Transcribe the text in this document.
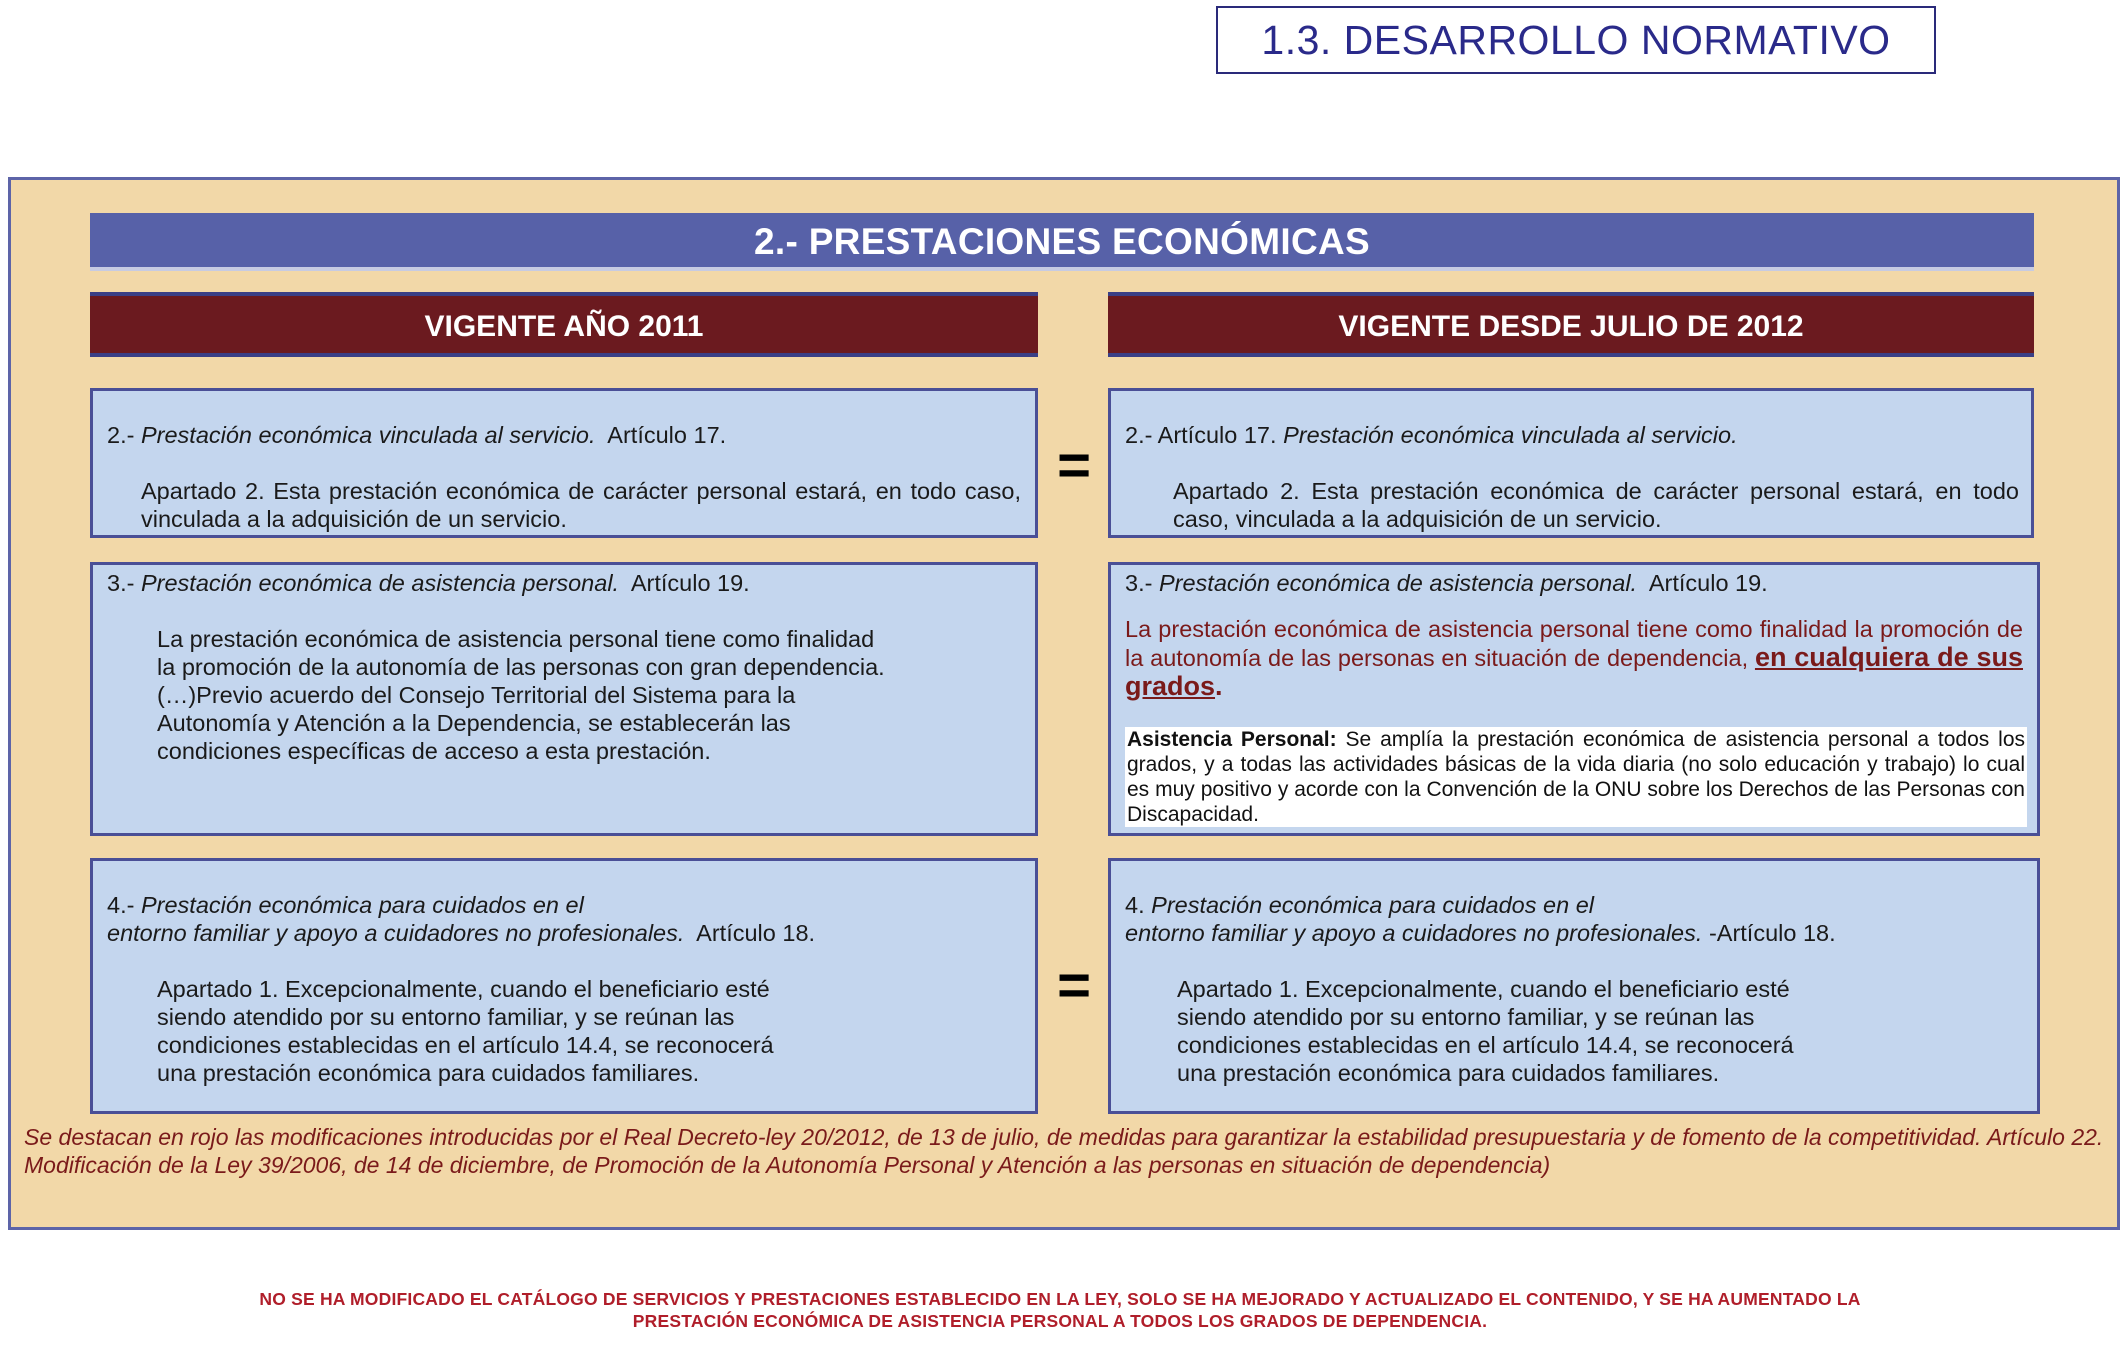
1.3. DESARROLLO NORMATIVO
2.- PRESTACIONES ECONÓMICAS
VIGENTE AÑO 2011	VIGENTE DESDE JULIO DE 2012
2.- Prestación económica vinculada al servicio. Artículo 17.
Apartado 2. Esta prestación económica de carácter personal estará, en todo caso, vinculada a la adquisición de un servicio.
=	2.- Artículo 17. Prestación económica vinculada al servicio.
Apartado 2. Esta prestación económica de carácter personal estará, en todo caso, vinculada a la adquisición de un servicio.
3.- Prestación económica de asistencia personal. Artículo 19.
La prestación económica de asistencia personal tiene como finalidad
la promoción de la autonomía de las personas con gran dependencia.
(…)Previo acuerdo del Consejo Territorial del Sistema para la
Autonomía y Atención a la Dependencia, se establecerán las
condiciones específicas de acceso a esta prestación.
3.- Prestación económica de asistencia personal. Artículo 19.
La prestación económica de asistencia personal tiene como finalidad la promoción de la autonomía de las personas en situación de dependencia, en cualquiera de sus grados.
Asistencia Personal: Se amplía la prestación económica de asistencia personal a todos los grados, y a todas las actividades básicas de la vida diaria (no solo educación y trabajo) lo cual es muy positivo y acorde con la Convención de la ONU sobre los Derechos de las Personas con Discapacidad.
4.- Prestación económica para cuidados en el
entorno familiar y apoyo a cuidadores no profesionales. Artículo 18.
Apartado 1. Excepcionalmente, cuando el beneficiario esté
siendo atendido por su entorno familiar, y se reúnan las
condiciones establecidas en el artículo 14.4, se reconocerá
una prestación económica para cuidados familiares.
=
4. Prestación económica para cuidados en el
entorno familiar y apoyo a cuidadores no profesionales. -Artículo 18.
Apartado 1. Excepcionalmente, cuando el beneficiario esté
siendo atendido por su entorno familiar, y se reúnan las
condiciones establecidas en el artículo 14.4, se reconocerá
una prestación económica para cuidados familiares.
Se destacan en rojo las modificaciones introducidas por el Real Decreto-ley 20/2012, de 13 de julio, de medidas para garantizar la estabilidad presupuestaria y de fomento de la competitividad. Artículo 22. Modificación de la Ley 39/2006, de 14 de diciembre, de Promoción de la Autonomía Personal y Atención a las personas en situación de dependencia)
NO SE HA MODIFICADO EL CATÁLOGO DE SERVICIOS Y PRESTACIONES ESTABLECIDO EN LA LEY, SOLO SE HA MEJORADO Y ACTUALIZADO EL CONTENIDO, Y SE HA AUMENTADO LA
PRESTACIÓN ECONÓMICA DE ASISTENCIA PERSONAL A TODOS LOS GRADOS DE DEPENDENCIA.
